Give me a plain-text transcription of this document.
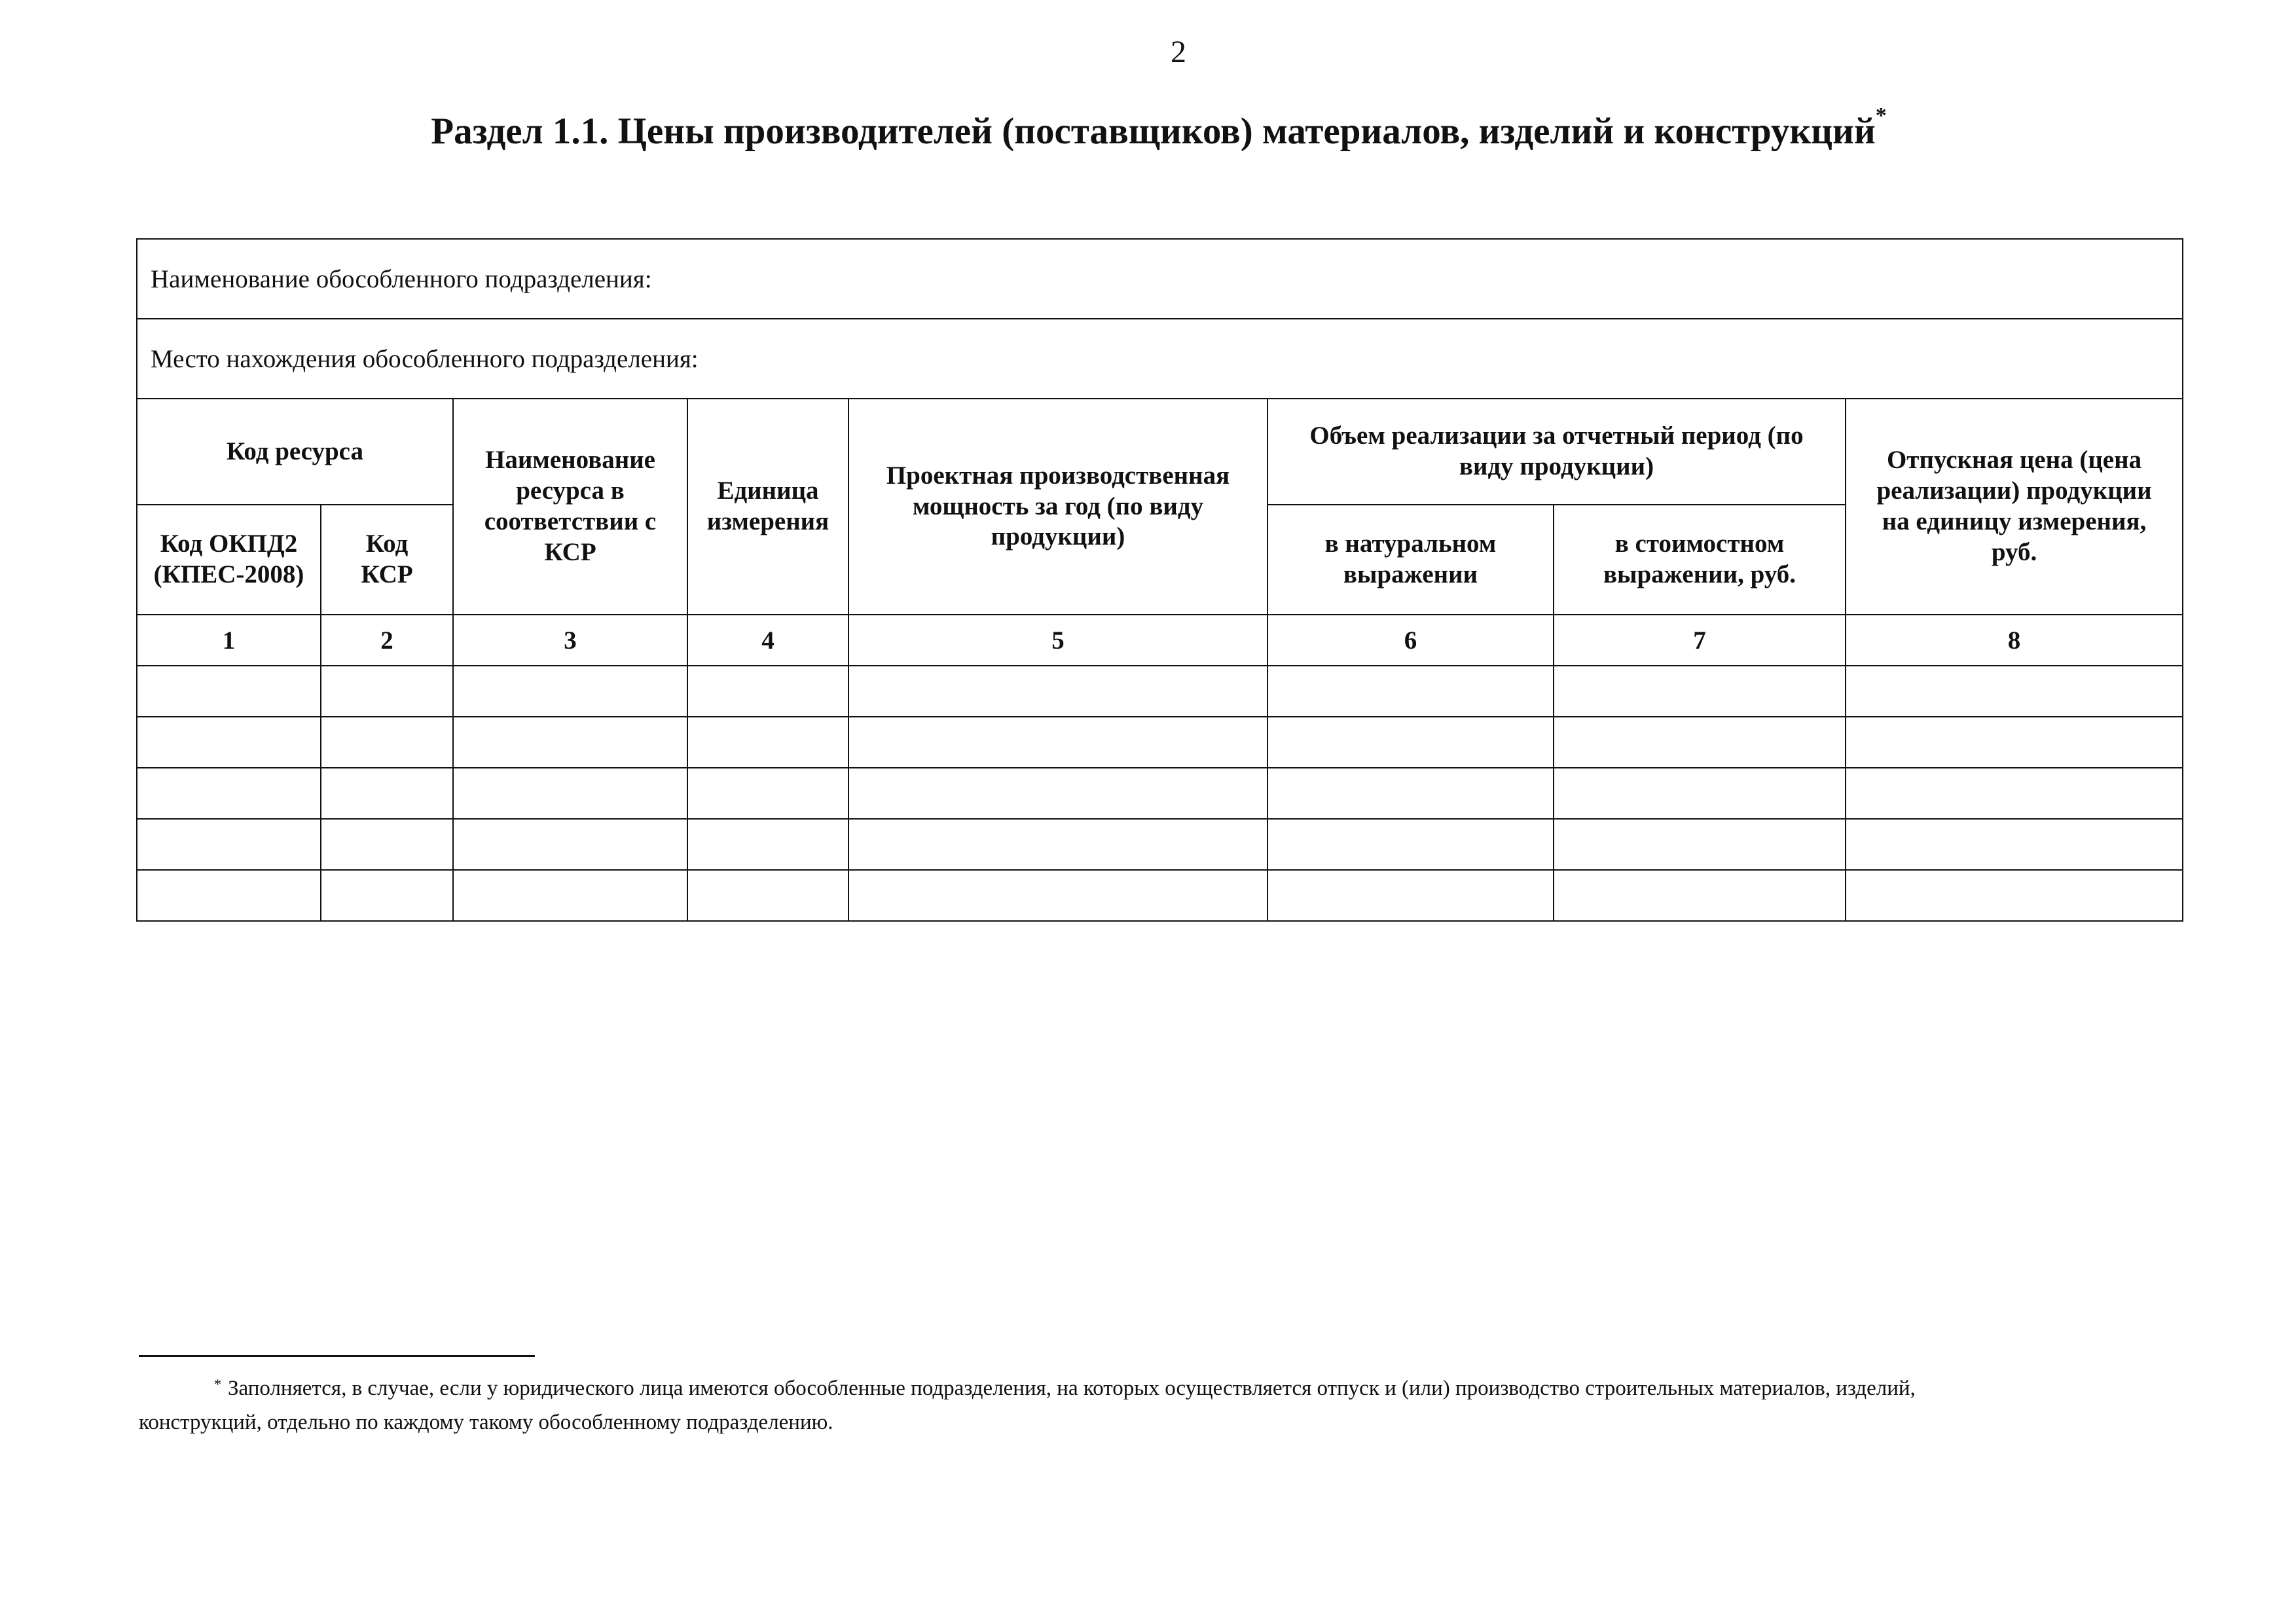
2
Раздел 1.1. Цены производителей (поставщиков) материалов, изделий и конструкций*
Наименование обособленного подразделения:							
Место нахождения обособленного подразделения:							
Код ресурса		Наименование ресурса в соответствии с КСР	Единица измерения	Проектная производственная мощность за год (по виду продукции)	Объем реализации за отчетный период (по виду продукции)		Отпускная цена (цена реализации) продукции на единицу измерения, руб.
Код ОКПД2 (КПЕС-2008)	Код КСР				в натуральном выражении	в стоимостном выражении, руб.	
1	2	3	4	5	6	7	8

* Заполняется, в случае, если у юридического лица имеются обособленные подразделения, на которых осуществляется отпуск и (или) производство строительных материалов, изделий,
конструкций, отдельно по каждому такому обособленному подразделению.
